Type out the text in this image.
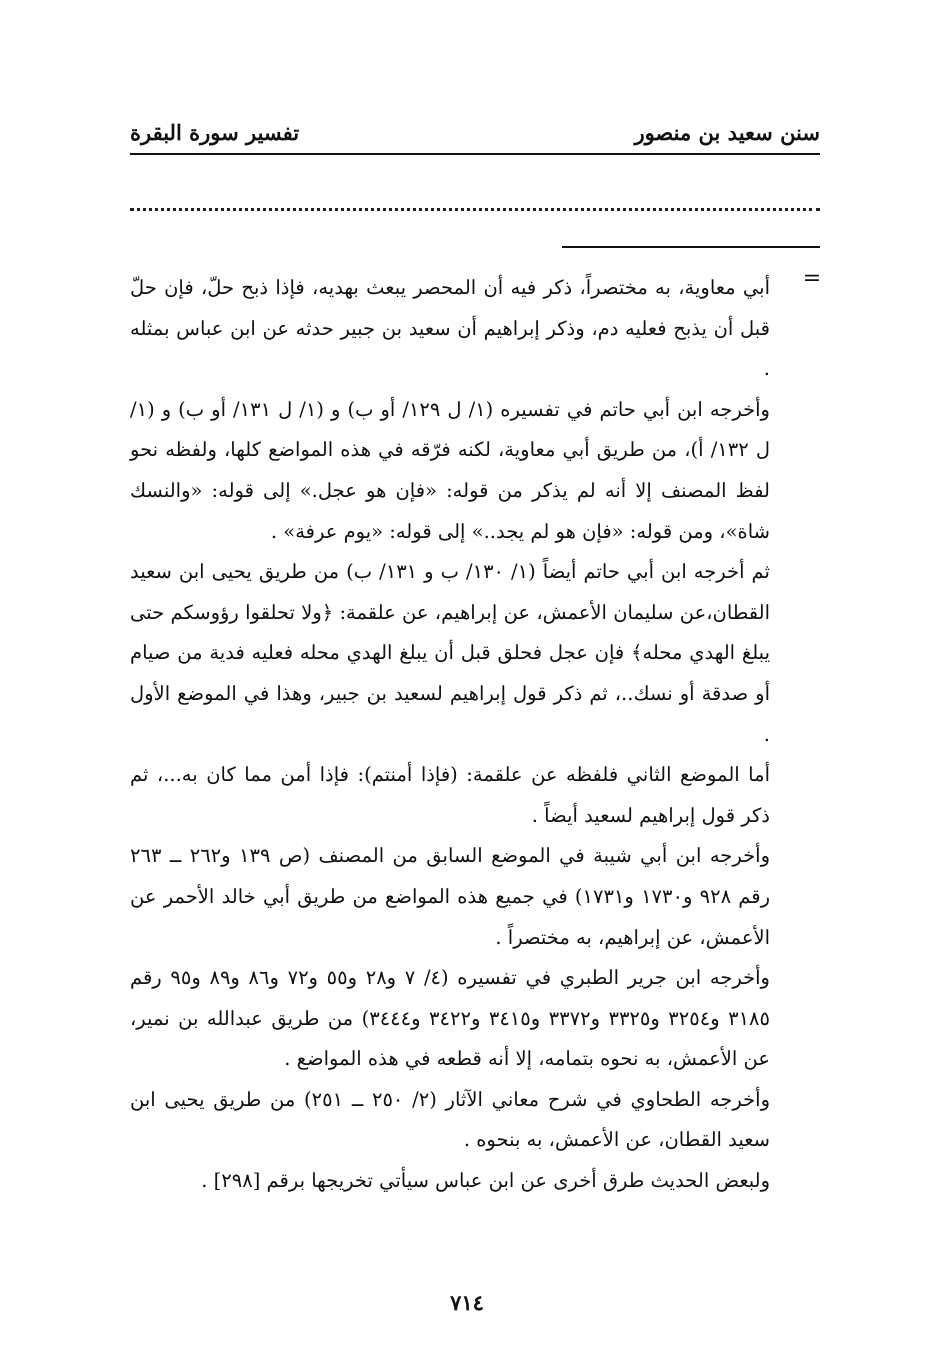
سنن سعيد بن منصور
تفسير سورة البقرة
=

أبي معاوية، به مختصراً، ذكر فيه أن المحصر يبعث بهديه، فإذا ذبح حلّ، فإن حلّ قبل أن يذبح فعليه دم، وذكر إبراهيم أن سعيد بن جبير حدثه عن ابن عباس بمثله .

وأخرجه ابن أبي حاتم في تفسيره (١/ ل ١٢٩/ أو ب) و (١/ ل ١٣١/ أو ب) و (١/ ل ١٣٢/ أ)، من طريق أبي معاوية، لكنه فرّقه في هذه المواضع كلها، ولفظه نحو لفظ المصنف إلا أنه لم يذكر من قوله: «فإن هو عجل.» إلى قوله: «والنسك شاة»، ومن قوله: «فإن هو لم يجد..» إلى قوله: «يوم عرفة» .

ثم أخرجه ابن أبي حاتم أيضاً (١/ ١٣٠/ ب و ١٣١/ ب) من طريق يحيى ابن سعيد القطان،عن سليمان الأعمش، عن إبراهيم، عن علقمة: ﴿ولا تحلقوا رؤوسكم حتى يبلغ الهدي محله﴾ فإن عجل فحلق قبل أن يبلغ الهدي محله فعليه فدية من صيام أو صدقة أو نسك..، ثم ذكر قول إبراهيم لسعيد بن جبير، وهذا في الموضع الأول .

أما الموضع الثاني فلفظه عن علقمة: (فإذا أمنتم): فإذا أمن مما كان به...، ثم ذكر قول إبراهيم لسعيد أيضاً .

وأخرجه ابن أبي شيبة في الموضع السابق من المصنف (ص ١٣٩ و٢٦٢ ــ ٢٦٣ رقم ٩٢٨ و١٧٣٠ و١٧٣١) في جميع هذه المواضع من طريق أبي خالد الأحمر عن الأعمش، عن إبراهيم، به مختصراً .

وأخرجه ابن جرير الطبري في تفسيره (٤/ ٧ و٢٨ و٥٥ و٧٢ و٨٦ و٨٩ و٩٥ رقم ٣١٨٥ و٣٢٥٤ و٣٣٢٥ و٣٣٧٢ و٣٤١٥ و٣٤٢٢ و٣٤٤٤) من طريق عبدالله بن نمير، عن الأعمش، به نحوه بتمامه، إلا أنه قطعه في هذه المواضع .

وأخرجه الطحاوي في شرح معاني الآثار (٢/ ٢٥٠ ــ ٢٥١) من طريق يحيى ابن سعيد القطان، عن الأعمش، به بنحوه .

ولبعض الحديث طرق أخرى عن ابن عباس سيأتي تخريجها برقم [٢٩٨] .

٧١٤
